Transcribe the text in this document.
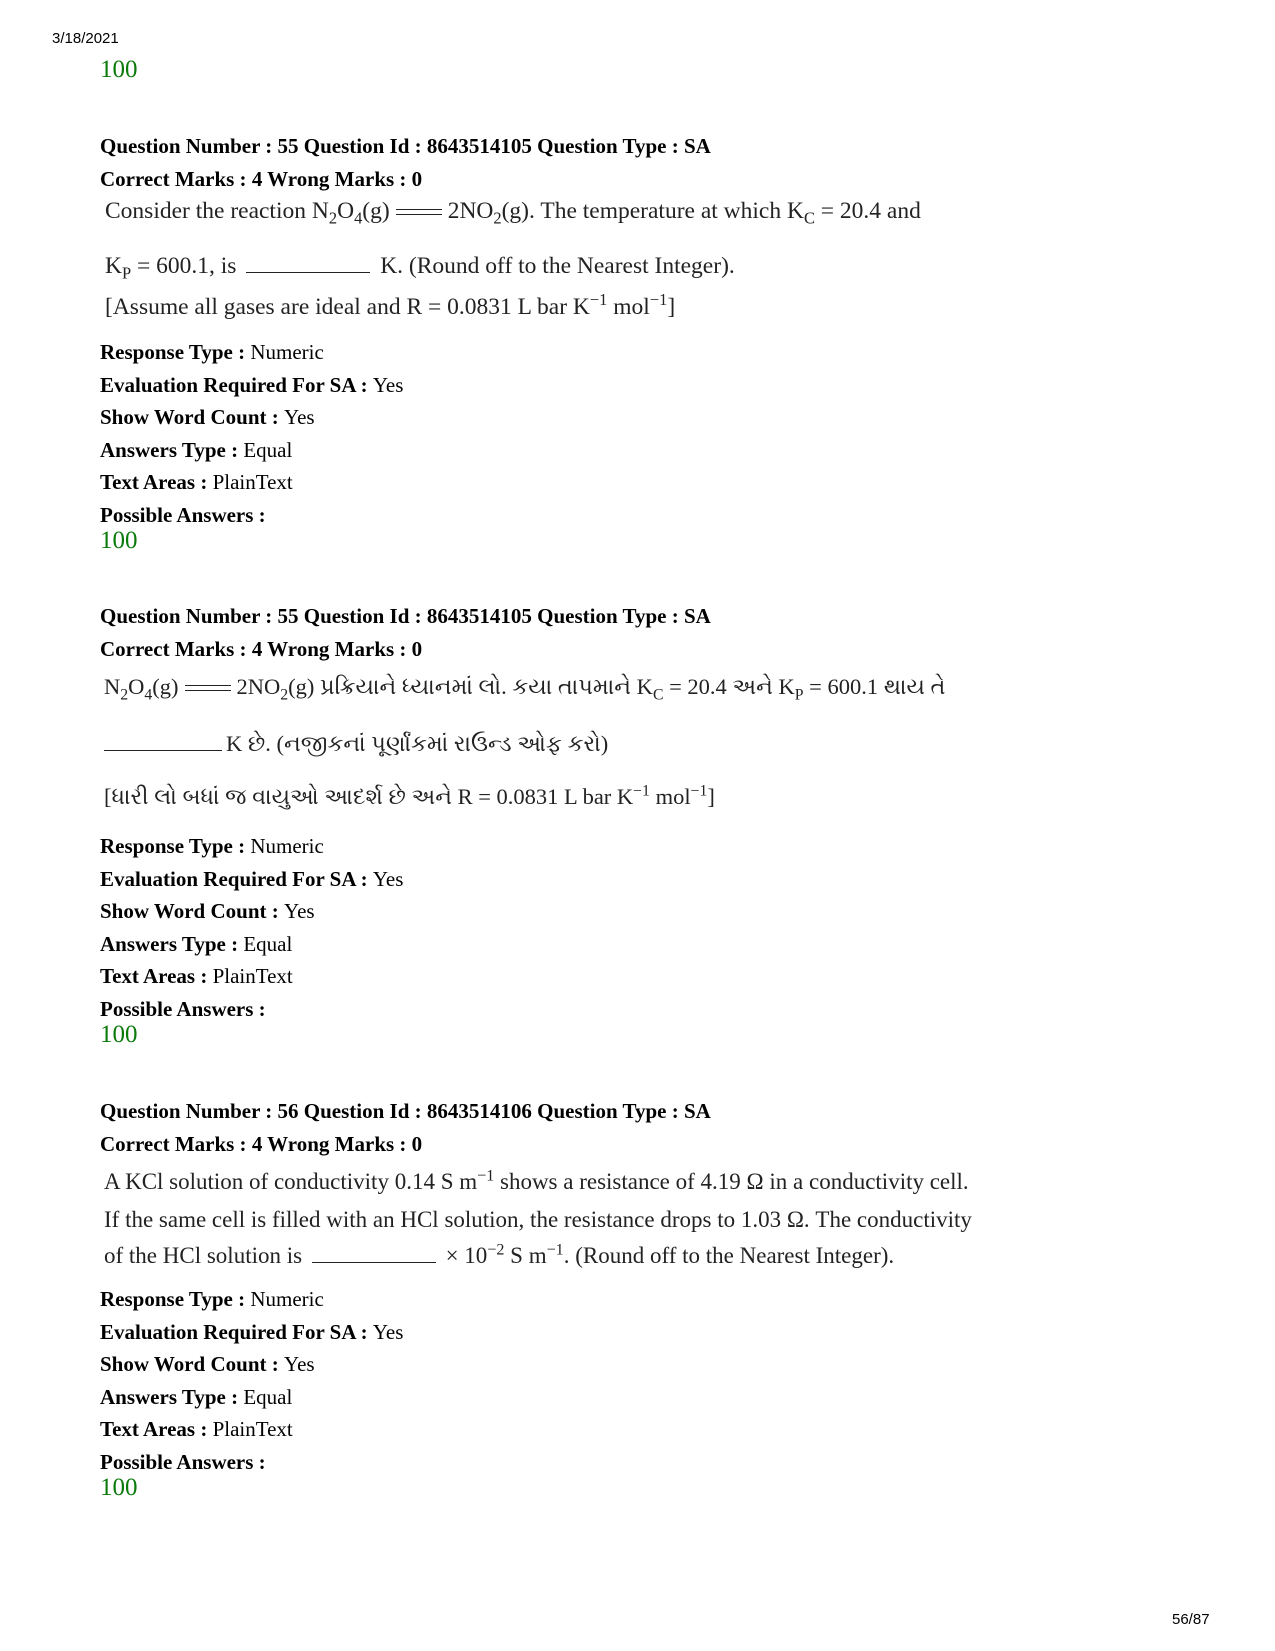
3/18/2021
100
Question Number : 55 Question Id : 8643514105 Question Type : SA
Correct Marks : 4 Wrong Marks : 0
Consider the reaction $N_2O_4(g)$ $2NO_2(g)$. The temperature at which $K_C = 20.4$ and
$K_P = 600.1$, is	K. (Round off to the Nearest Integer).
[Assume all gases are ideal and R = 0.0831 L bar $K^{-1}$ mol$^{-1}$]
Response Type : Numeric
Evaluation Required For SA : Yes
Show Word Count : Yes
Answers Type : Equal
Text Areas : PlainText
Possible Answers :
100
Question Number : 55 Question Id : 8643514105 Question Type : SA
Correct Marks : 4 Wrong Marks : 0
$N_2O_4(g)$	$2NO_2(g)$ પ્રક્રિયાને ધ્યાનમાં લો. કયા તાપમાને $K_C = 20.4$ અને $K_P = 600.1$ થાય તે
K છે. (નજીકનાં પૂર્ણાંકમાં રાઉન્ડ ઓફ કરો)
[ધારી લો બધાં જ વાયુઓ આદર્શ છે અને R = 0.0831 L bar $K^{-1}$ mol$^{-1}$]
Response Type : Numeric
Evaluation Required For SA : Yes
Show Word Count : Yes
Answers Type : Equal
Text Areas : PlainText
Possible Answers :
100
Question Number : 56 Question Id : 8643514106 Question Type : SA
Correct Marks : 4 Wrong Marks : 0
A KCl solution of conductivity 0.14 S $m^{-1}$ shows a resistance of 4.19 Ω in a conductivity cell.
If the same cell is filled with an HCl solution, the resistance drops to 1.03 Ω. The conductivity
of the HCl solution is	× $10^{-2}$ S $m^{-1}$. (Round off to the Nearest Integer).
Response Type : Numeric
Evaluation Required For SA : Yes
Show Word Count : Yes
Answers Type : Equal
Text Areas : PlainText
Possible Answers :
100
56/87
